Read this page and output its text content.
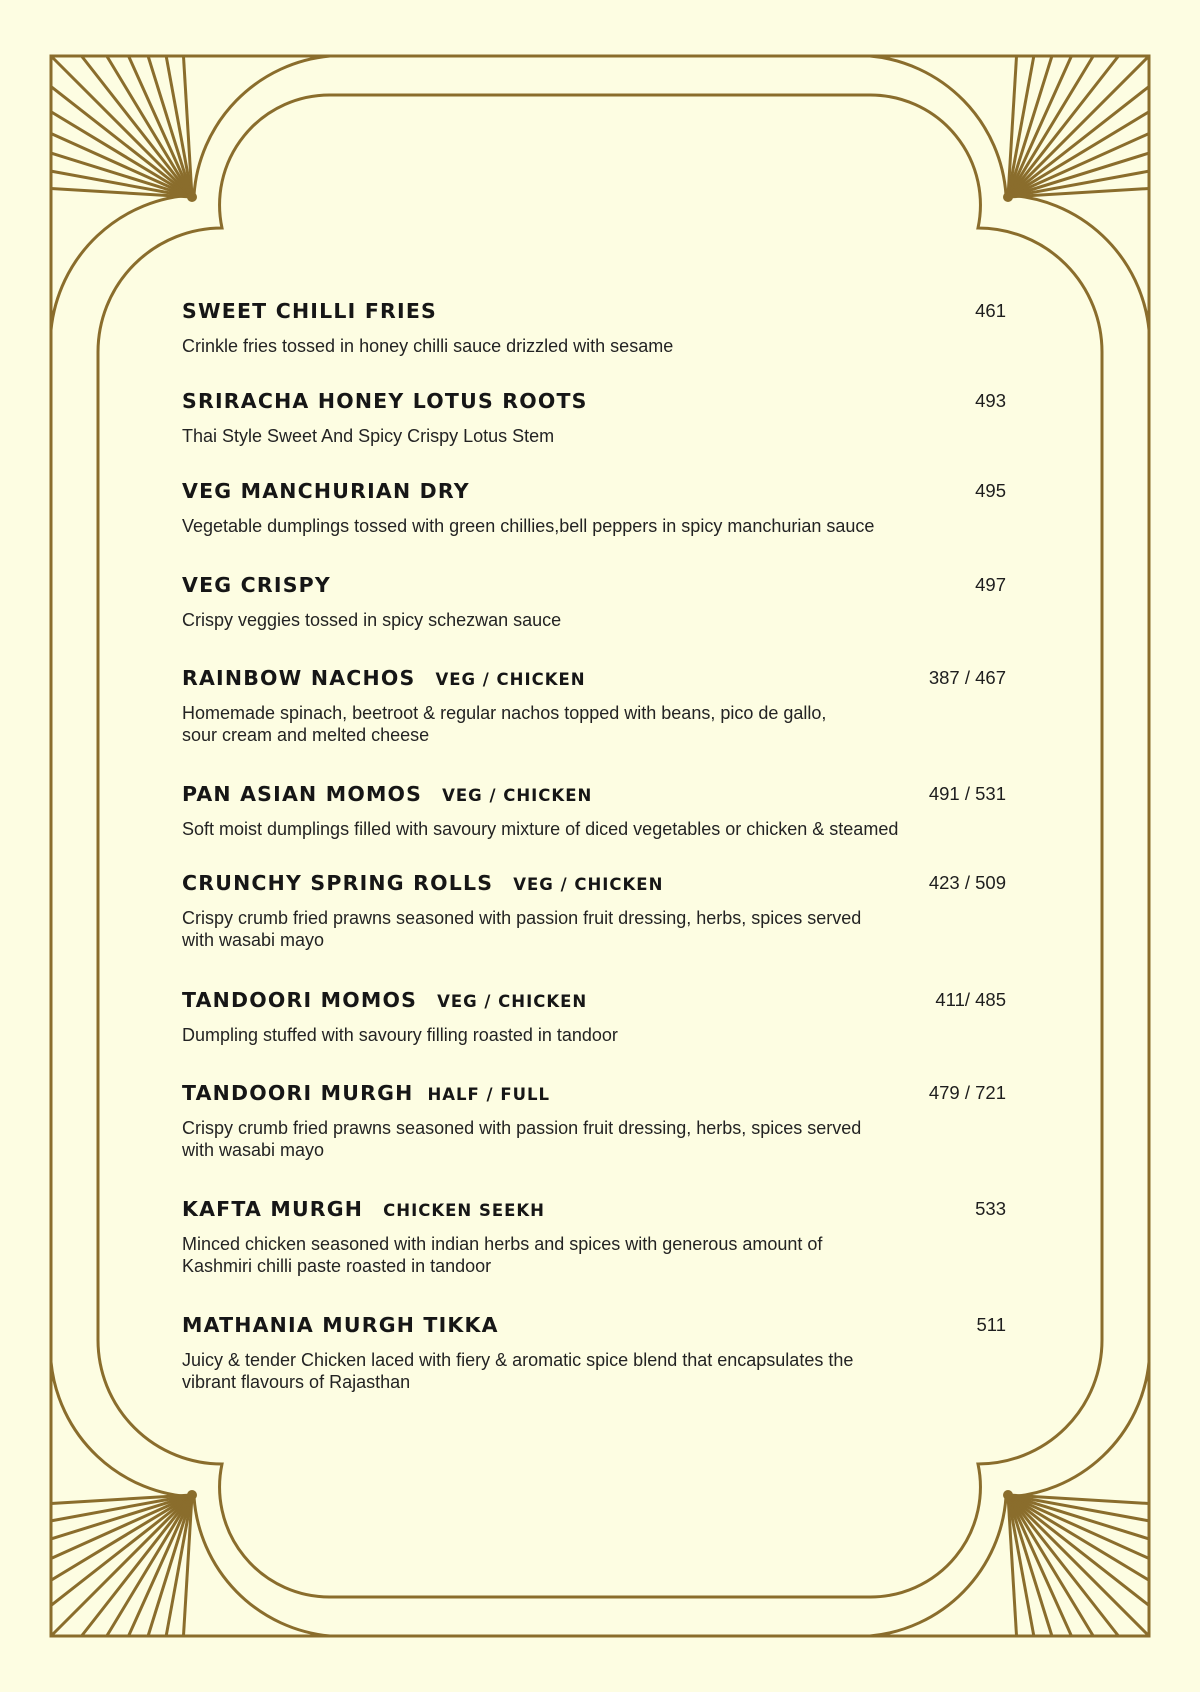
SWEET CHILLI FRIES	461
Crinkle fries tossed in honey chilli sauce drizzled with sesame
SRIRACHA HONEY LOTUS ROOTS	493
Thai Style Sweet And Spicy Crispy Lotus Stem
VEG MANCHURIAN DRY	495
Vegetable dumplings tossed with green chillies,bell peppers in spicy manchurian sauce
VEG CRISPY	497
Crispy veggies tossed in spicy schezwan sauce
RAINBOW NACHOS VEG / CHICKEN	387 / 467
Homemade spinach, beetroot & regular nachos topped with beans, pico de gallo,
sour cream and melted cheese
PAN ASIAN MOMOS VEG / CHICKEN	491 / 531
Soft moist dumplings filled with savoury mixture of diced vegetables or chicken & steamed
CRUNCHY SPRING ROLLS VEG / CHICKEN	423 / 509
Crispy crumb fried prawns seasoned with passion fruit dressing, herbs, spices served
with wasabi mayo
TANDOORI MOMOS VEG / CHICKEN	411/ 485
Dumpling stuffed with savoury filling roasted in tandoor
TANDOORI MURGH HALF / FULL	479 / 721
Crispy crumb fried prawns seasoned with passion fruit dressing, herbs, spices served
with wasabi mayo
KAFTA MURGH CHICKEN SEEKH	533
Minced chicken seasoned with indian herbs and spices with generous amount of
Kashmiri chilli paste roasted in tandoor
MATHANIA MURGH TIKKA	511
Juicy & tender Chicken laced with fiery & aromatic spice blend that encapsulates the
vibrant flavours of Rajasthan
